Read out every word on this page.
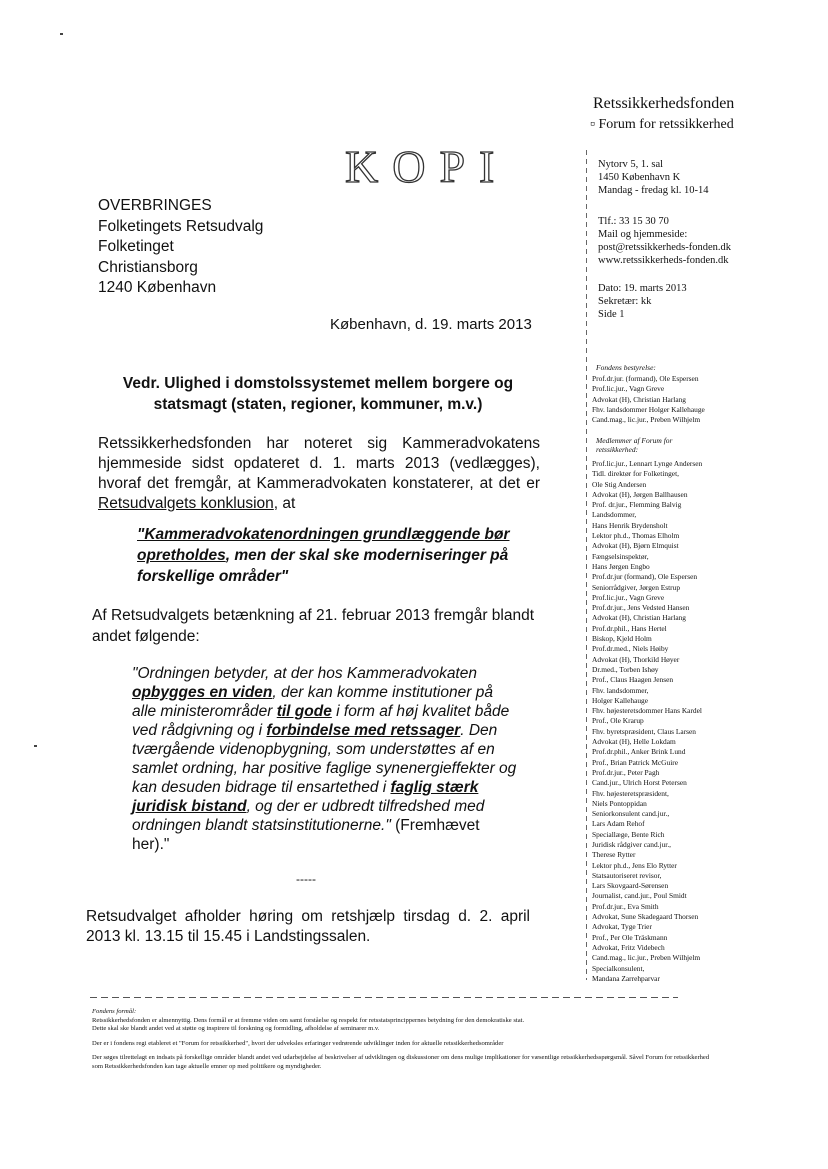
KOPI
Retssikkerhedsfonden
▫ Forum for retssikkerhed
OVERBRINGES
Folketingets Retsudvalg
Folketinget
Christiansborg
1240 København
København, d. 19. marts 2013
Vedr. Ulighed i domstolssystemet mellem borgere og statsmagt (staten, regioner, kommuner, m.v.)
Retssikkerhedsfonden har noteret sig Kammeradvokatens hjemmeside sidst opdateret d. 1. marts 2013 (vedlægges), hvoraf det fremgår, at Kammeradvokaten konstaterer, at det er Retsudvalgets konklusion, at
"Kammeradvokatenordningen grundlæggende bør opretholdes, men der skal ske moderniseringer på forskellige områder"
Af Retsudvalgets betænkning af 21. februar 2013 fremgår blandt andet følgende:
"Ordningen betyder, at der hos Kammeradvokaten opbygges en viden, der kan komme institutioner på alle ministerområder til gode i form af høj kvalitet både ved rådgivning og i forbindelse med retssager. Den tværgående videnopbygning, som understøttes af en samlet ordning, har positive faglige synenergieffekter og kan desuden bidrage til ensartethed i faglig stærk juridisk bistand, og der er udbredt tilfredshed med ordningen blandt statsinstitutionerne." (Fremhævet her)."
-----
Retsudvalget afholder høring om retshjælp tirsdag d. 2. april 2013 kl. 13.15 til 15.45 i Landstingssalen.
Nytorv 5, 1. sal
1450 København K
Mandag - fredag kl. 10-14
Tlf.: 33 15 30 70
Mail og hjemmeside:
post@retssikkerheds-fonden.dk
www.retssikkerheds-fonden.dk
Dato: 19. marts 2013
Sekretær: kk
Side 1
Fondens bestyrelse:
Prof.dr.jur. (formand), Ole Espersen
Prof.lic.jur., Vagn Greve
Advokat (H), Christian Harlang
Fhv. landsdommer Holger Kallehauge
Cand.mag., lic.jur., Preben Wilhjelm
Medlemmer af Forum for retssikkerhed:
Prof.lic.jur., Lennart Lynge Andersen
Tidl. direktør for Folketinget,
Ole Stig Andersen
Advokat (H), Jørgen Ballhausen
Prof. dr.jur., Flemming Balvig
Landsdommer,
Hans Henrik Brydensholt
Lektor ph.d., Thomas Elholm
Advokat (H), Bjørn Elmquist
Fængselsinspektør,
Hans Jørgen Engbo
Prof.dr.jur (formand), Ole Espersen
Seniorrådgiver, Jørgen Estrup
Prof.lic.jur., Vagn Greve
Prof.dr.jur., Jens Vedsted Hansen
Advokat (H), Christian Harlang
Prof.dr.phil., Hans Hertel
Biskop, Kjeld Holm
Prof.dr.med., Niels Høiby
Advokat (H), Thorkild Høyer
Dr.med., Torben Ishøy
Prof., Claus Haagen Jensen
Fhv. landsdommer,
Holger Kallehauge
Fhv. højesteretsdommer Hans Kardel
Prof., Ole Krarup
Fhv. byretspræsident, Claus Larsen
Advokat (H), Helle Lokdam
Prof.dr.phil., Anker Brink Lund
Prof., Brian Patrick McGuire
Prof.dr.jur., Peter Pagh
Cand.jur., Ulrich Horst Petersen
Fhv. højesteretspræsident,
Niels Pontoppidan
Seniorkonsulent cand.jur.,
Lars Adam Rehof
Speciallæge, Bente Rich
Juridisk rådgiver cand.jur.,
Therese Rytter
Lektor ph.d., Jens Elo Rytter
Statsautoriseret revisor,
Lars Skovgaard-Sørensen
Journalist, cand.jur., Poul Smidt
Prof.dr.jur., Eva Smith
Advokat, Sune Skadegaard Thorsen
Advokat, Tyge Trier
Prof., Per Ole Träskmann
Advokat, Fritz Videbech
Cand.mag., lic.jur., Preben Wilhjelm
Specialkonsulent,
Mandana Zarrehparvar
Fondens formål:
Retssikkerhedsfonden er almennyttig. Dens formål er at fremme viden om samt forståelse og respekt for retsstatsprincippernes betydning for den demokratiske stat.

Dette skal ske blandt andet ved at støtte og inspirere til forskning og formidling, afholdelse af seminarer m.v.

Der er i fondens regi etableret et "Forum for retssikkerhed", hvori der udveksles erfaringer vedrørende udviklinger inden for aktuelle retssikkerhedsområder

Der søges tilrettelagt en indsats på forskellige områder blandt andet ved udarbejdelse af beskrivelser af udviklingen og diskussioner om dens mulige implikationer for væsentlige retssikkerhedsspørgsmål. Såvel Forum for retssikkerhed som Retssikkerhedsfonden kan tage aktuelle emner op med politikere og myndigheder.
